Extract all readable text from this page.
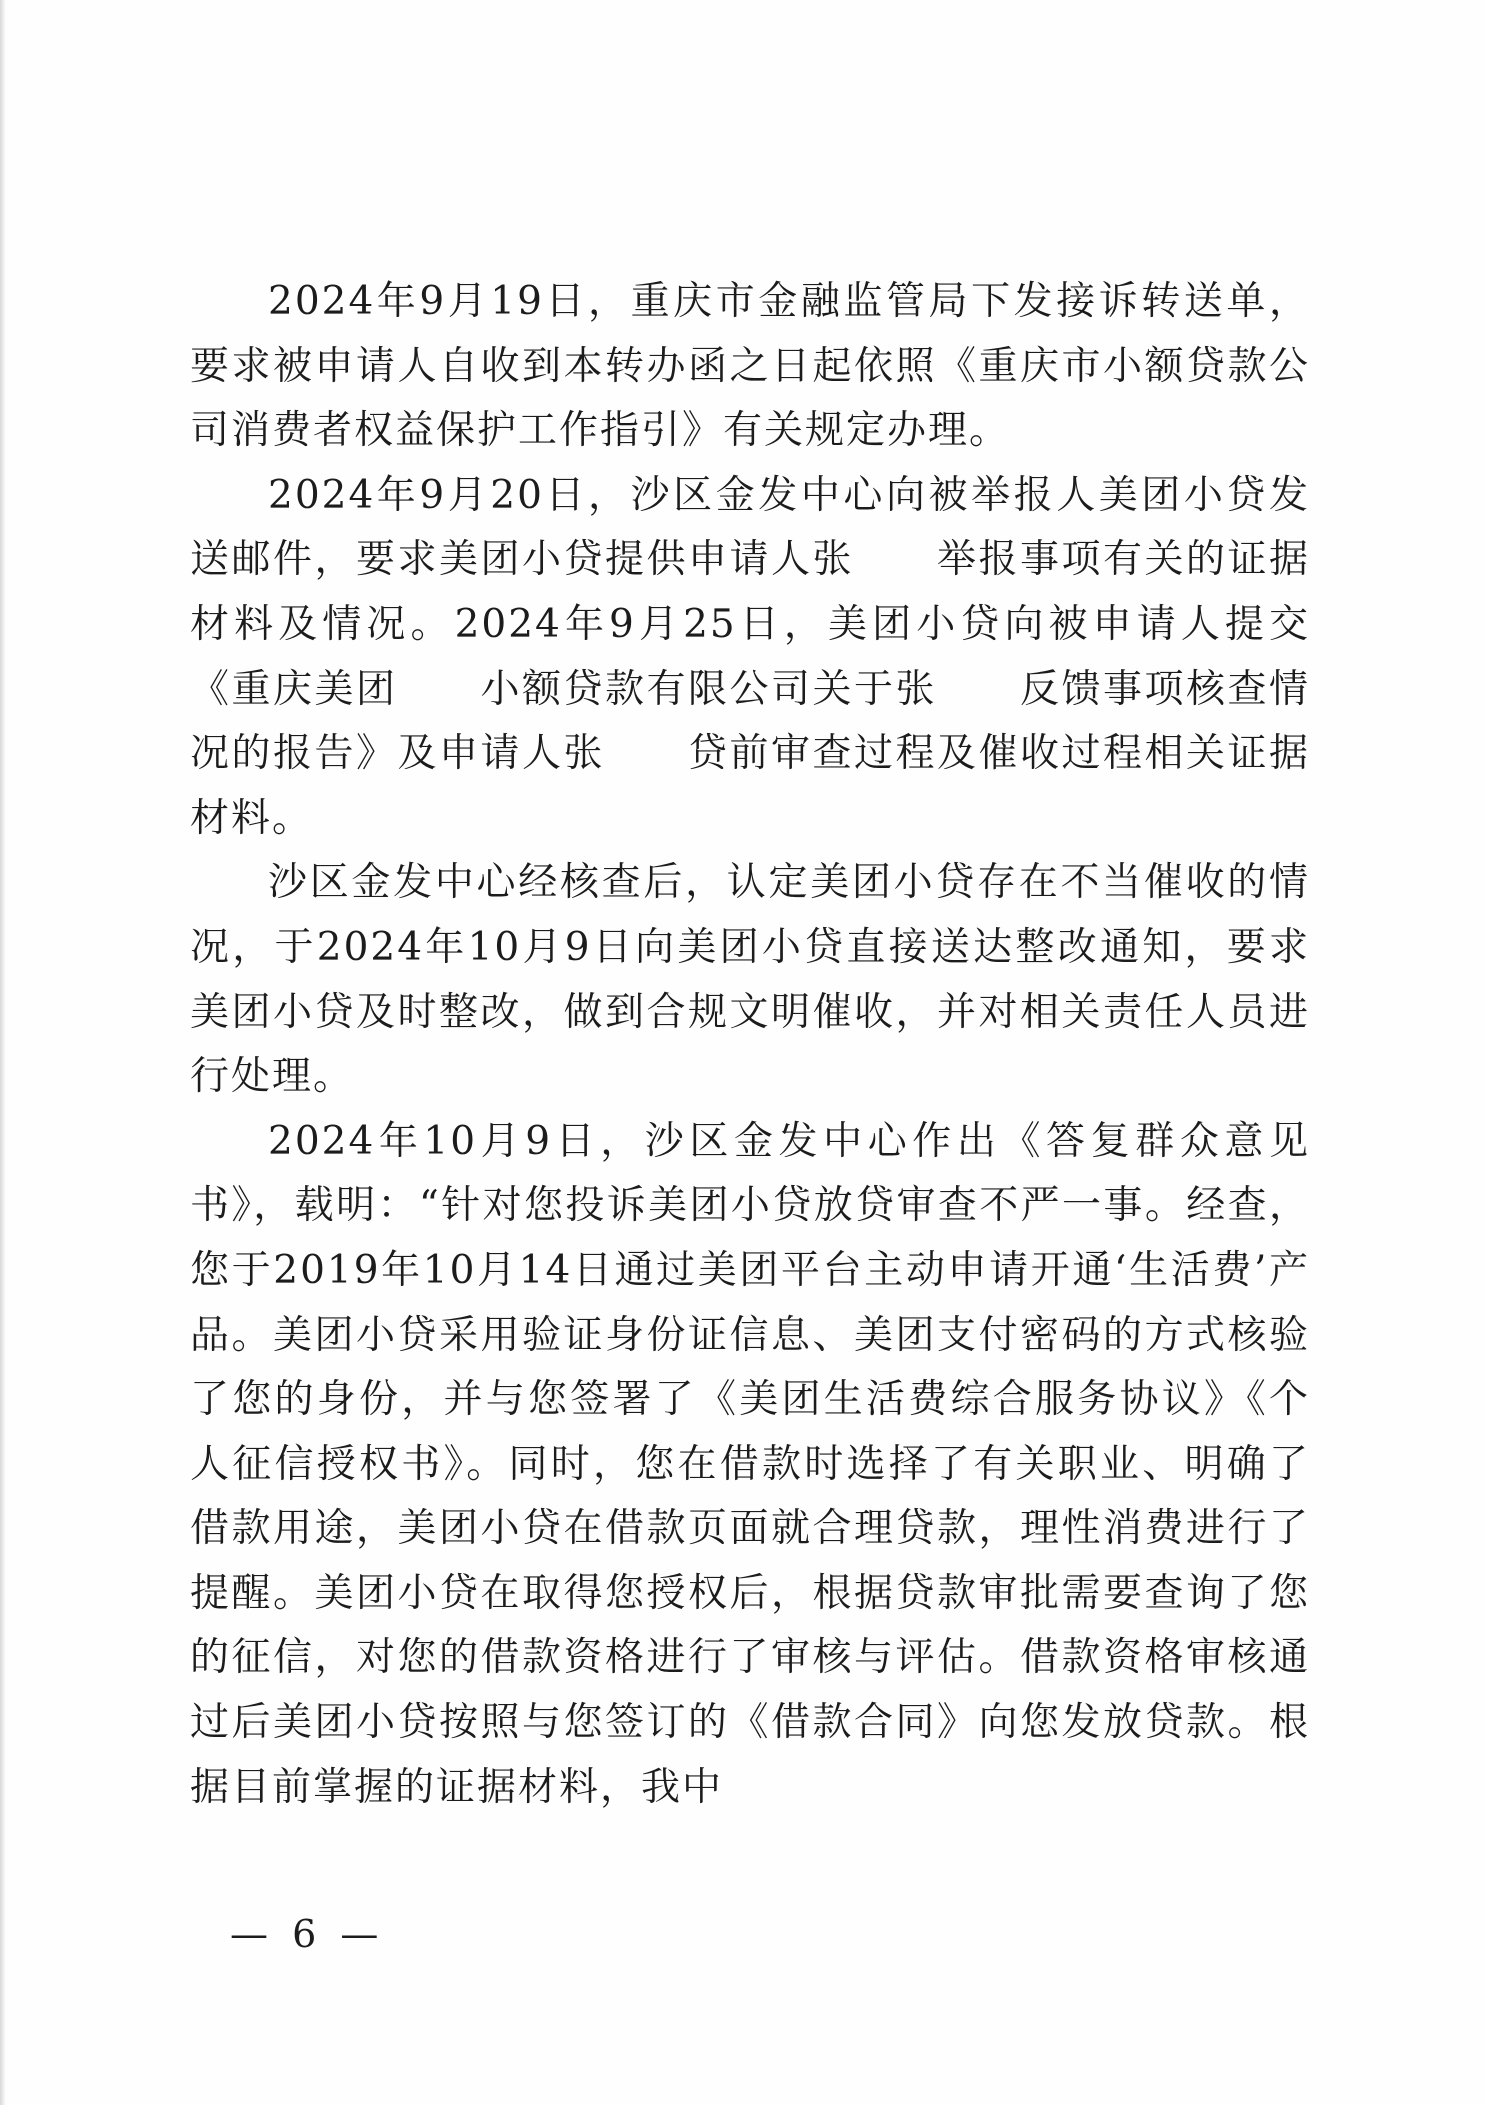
2024年9月19日，重庆市金融监管局下发接诉转送单，要求被申请人自收到本转办函之日起依照《重庆市小额贷款公司消费者权益保护工作指引》有关规定办理。

2024年9月20日，沙区金发中心向被举报人美团小贷发送邮件，要求美团小贷提供申请人张　　举报事项有关的证据材料及情况。2024年9月25日，美团小贷向被申请人提交《重庆美团　　小额贷款有限公司关于张　　反馈事项核查情况的报告》及申请人张　　贷前审查过程及催收过程相关证据材料。

沙区金发中心经核查后，认定美团小贷存在不当催收的情况，于2024年10月9日向美团小贷直接送达整改通知，要求美团小贷及时整改，做到合规文明催收，并对相关责任人员进行处理。

2024年10月9日，沙区金发中心作出《答复群众意见书》，载明：“针对您投诉美团小贷放贷审查不严一事。经查，您于2019年10月14日通过美团平台主动申请开通‘生活费’产品。美团小贷采用验证身份证信息、美团支付密码的方式核验了您的身份，并与您签署了《美团生活费综合服务协议》《个人征信授权书》。同时，您在借款时选择了有关职业、明确了借款用途，美团小贷在借款页面就合理贷款，理性消费进行了提醒。美团小贷在取得您授权后，根据贷款审批需要查询了您的征信，对您的借款资格进行了审核与评估。借款资格审核通过后美团小贷按照与您签订的《借款合同》向您发放贷款。根据目前掌握的证据材料，我中

— 6 —
